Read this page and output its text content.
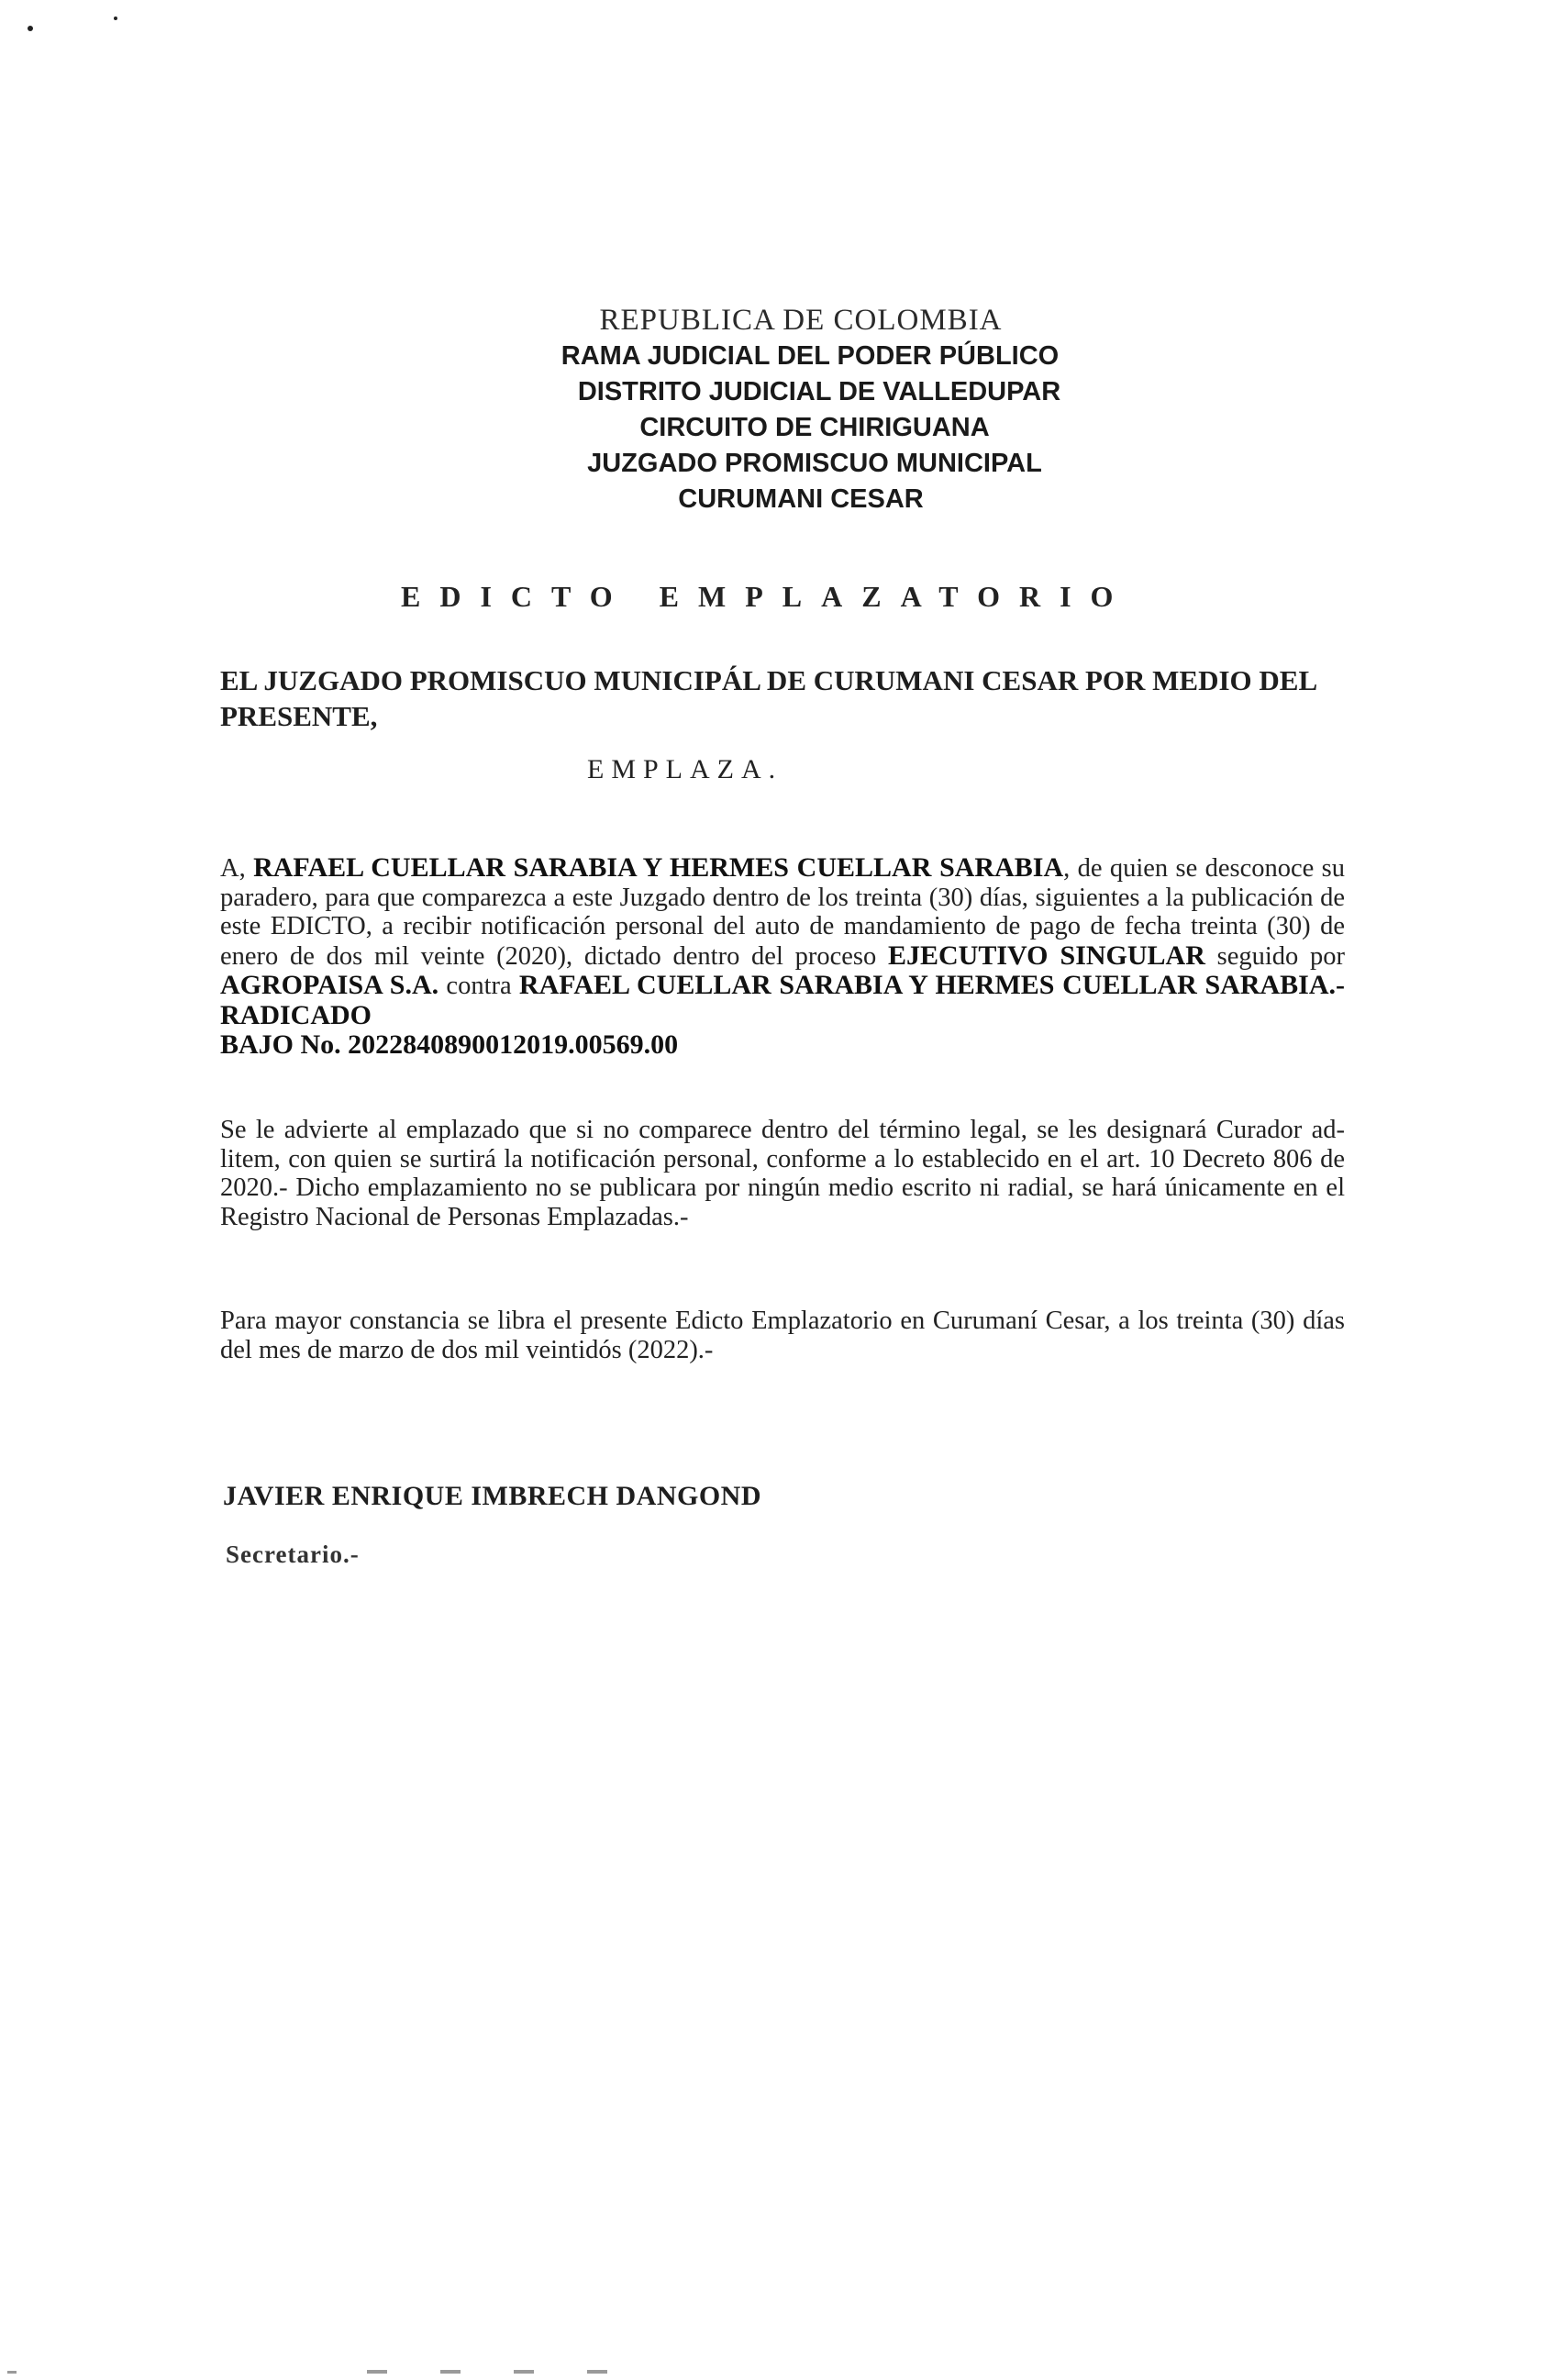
REPUBLICA DE COLOMBIA
RAMA JUDICIAL DEL PODER PÚBLICO
DISTRITO JUDICIAL DE VALLEDUPAR
CIRCUITO DE CHIRIGUANA
JUZGADO PROMISCUO MUNICIPAL
CURUMANI CESAR
EDICTO EMPLAZATORIO
EL JUZGADO PROMISCUO MUNICIPÁL DE CURUMANI CESAR POR MEDIO DEL PRESENTE,
EMPLAZA.
A, RAFAEL CUELLAR SARABIA Y HERMES CUELLAR SARABIA, de quien se desconoce su paradero, para que comparezca a este Juzgado dentro de los treinta (30) días, siguientes a la publicación de este EDICTO, a recibir notificación personal del auto de mandamiento de pago de fecha treinta (30) de enero de dos mil veinte (2020), dictado dentro del proceso EJECUTIVO SINGULAR seguido por AGROPAISA S.A. contra RAFAEL CUELLAR SARABIA Y HERMES CUELLAR SARABIA.-RADICADO
BAJO No. 2022840890012019.00569.00
Se le advierte al emplazado que si no comparece dentro del término legal, se les designará Curador ad-litem, con quien se surtirá la notificación personal, conforme a lo establecido en el art. 10 Decreto 806 de 2020.- Dicho emplazamiento no se publicara por ningún medio escrito ni radial, se hará únicamente en el Registro Nacional de Personas Emplazadas.-
Para mayor constancia se libra el presente Edicto Emplazatorio en Curumaní Cesar, a los treinta (30) días del mes de marzo de dos mil veintidós (2022).-
JAVIER ENRIQUE IMBRECH DANGOND
Secretario.-
